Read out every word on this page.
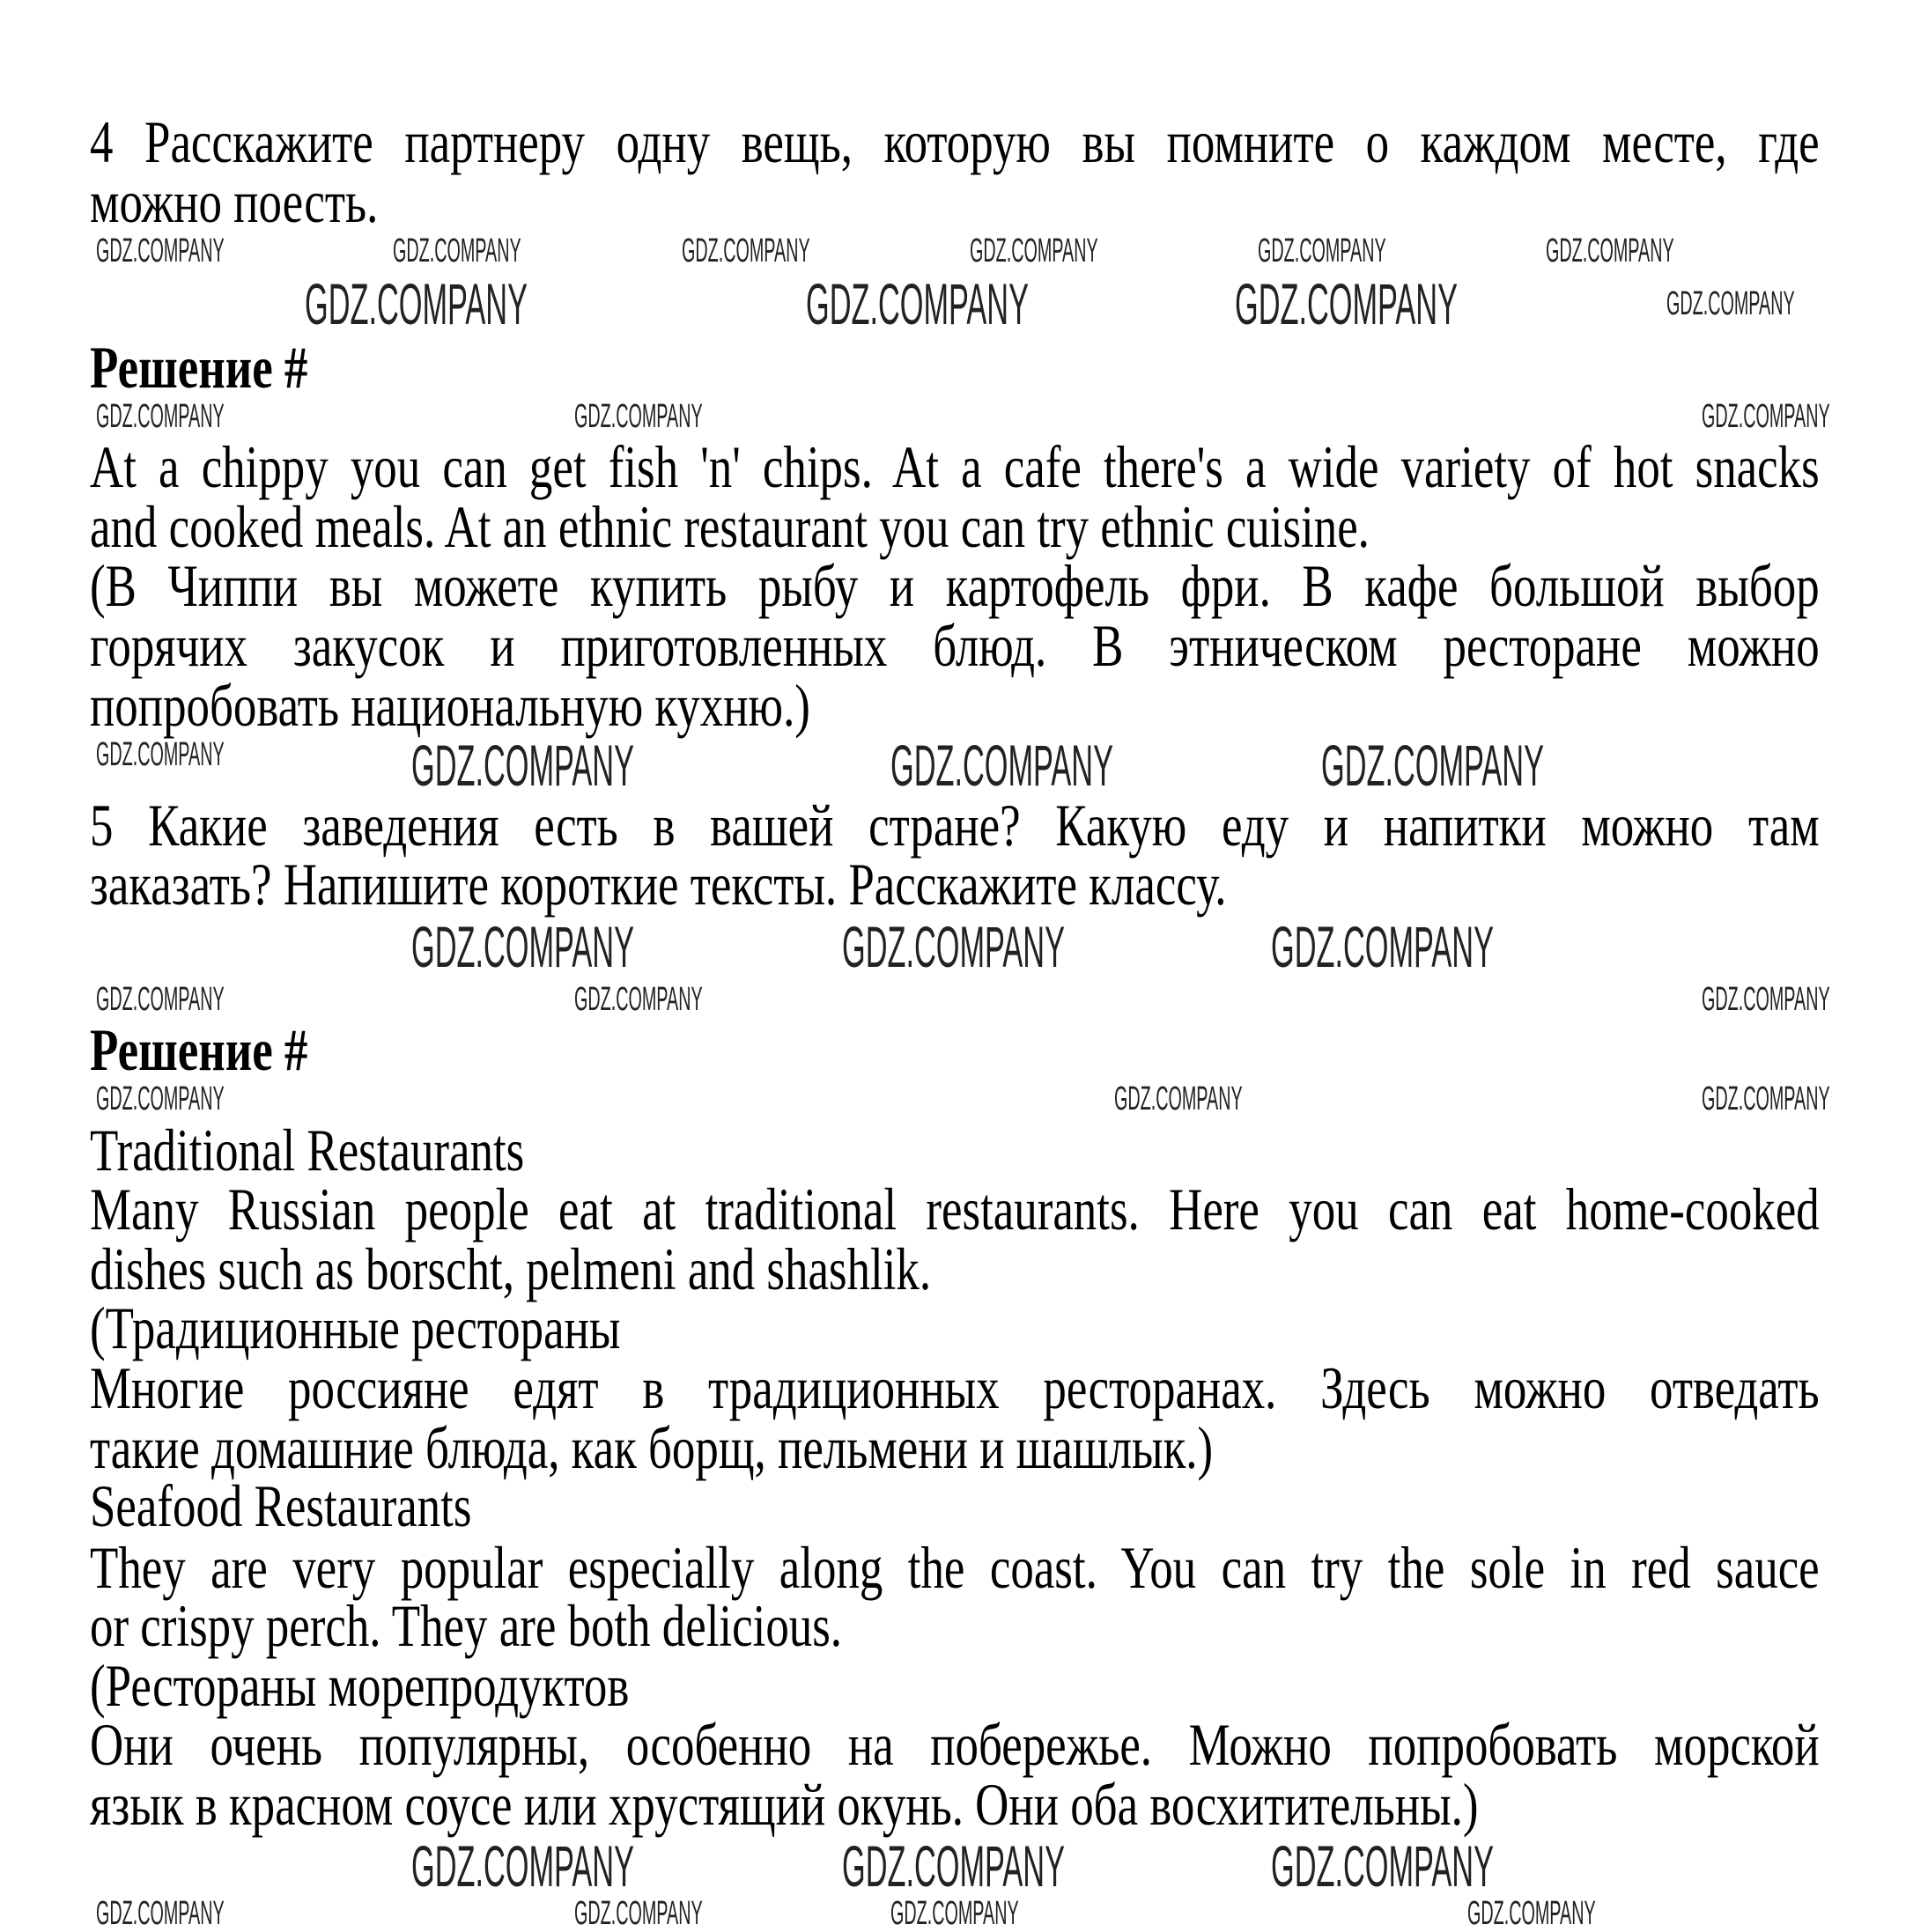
4 Расскажите партнеру одну вещь, которую вы помните о каждом месте, где
можно поесть.
Решение #
At a chippy you can get fish 'n' chips. At a cafe there's a wide variety of hot snacks
and cooked meals. At an ethnic restaurant you can try ethnic cuisine.
(В Чиппи вы можете купить рыбу и картофель фри. В кафе большой выбор
горячих закусок и приготовленных блюд. В этническом ресторане можно
попробовать национальную кухню.)
5 Какие заведения есть в вашей стране? Какую еду и напитки можно там
заказать? Напишите короткие тексты. Расскажите классу.
Решение #
Traditional Restaurants
Many Russian people eat at traditional restaurants. Here you can eat home-cooked
dishes such as borscht, pelmeni and shashlik.
(Традиционные рестораны
Многие россияне едят в традиционных ресторанах. Здесь можно отведать
такие домашние блюда, как борщ, пельмени и шашлык.)
Seafood Restaurants
They are very popular especially along the coast. You can try the sole in red sauce
or crispy perch. They are both delicious.
(Рестораны морепродуктов
Они очень популярны, особенно на побережье. Можно попробовать морской
язык в красном соусе или хрустящий окунь. Они оба восхитительны.)
GDZ.COMPANY	GDZ.COMPANY	GDZ.COMPANY	GDZ.COMPANY	GDZ.COMPANY	GDZ.COMPANY
GDZ.COMPANY	GDZ.COMPANY	GDZ.COMPANY	GDZ.COMPANY
GDZ.COMPANY	GDZ.COMPANY	GDZ.COMPANY
GDZ.COMPANY	GDZ.COMPANY	GDZ.COMPANY	GDZ.COMPANY
GDZ.COMPANY	GDZ.COMPANY	GDZ.COMPANY
GDZ.COMPANY	GDZ.COMPANY	GDZ.COMPANY
GDZ.COMPANY	GDZ.COMPANY	GDZ.COMPANY
GDZ.COMPANY	GDZ.COMPANY	GDZ.COMPANY
GDZ.COMPANY	GDZ.COMPANY	GDZ.COMPANY	GDZ.COMPANY
